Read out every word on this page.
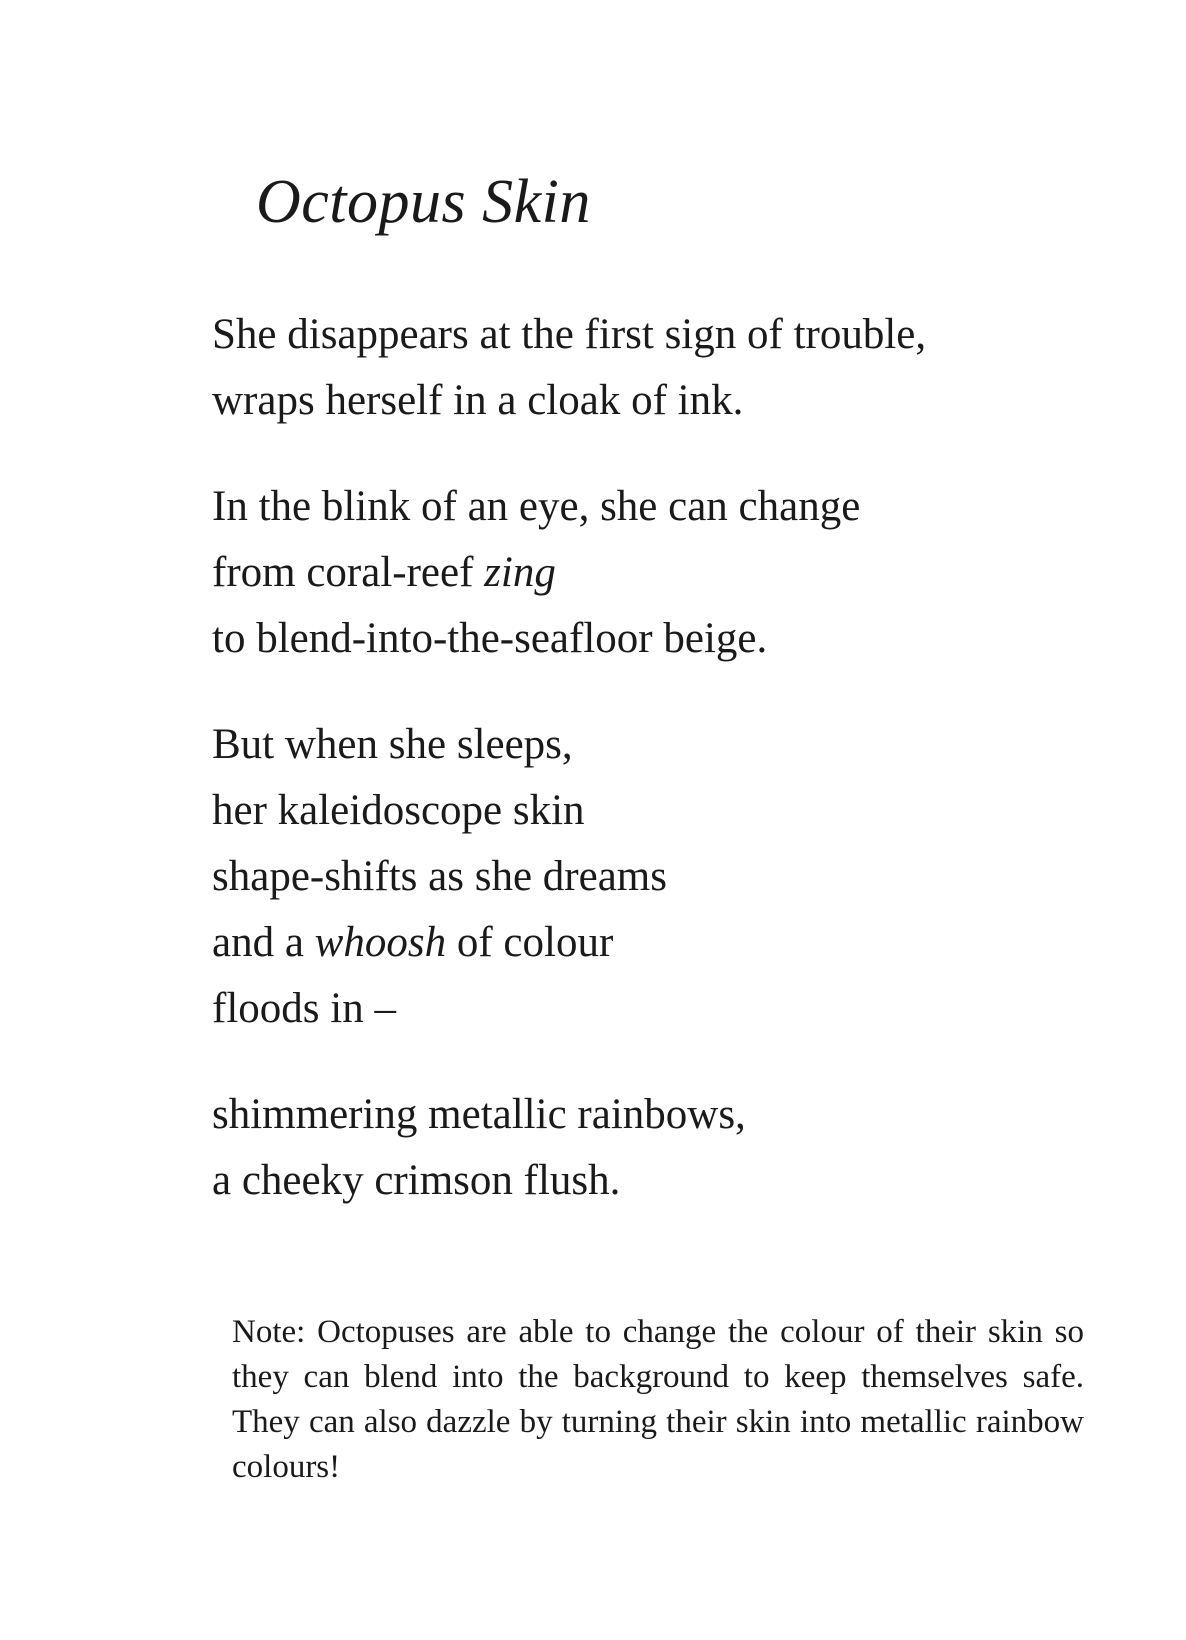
Octopus Skin
She disappears at the first sign of trouble,
wraps herself in a cloak of ink.
In the blink of an eye, she can change
from coral-reef zing
to blend-into-the-seafloor beige.
But when she sleeps,
her kaleidoscope skin
shape-shifts as she dreams
and a whoosh of colour
floods in –
shimmering metallic rainbows,
a cheeky crimson flush.

Note: Octopuses are able to change the colour of their skin so they can blend into the background to keep themselves safe. They can also dazzle by turning their skin into metallic rainbow colours!
